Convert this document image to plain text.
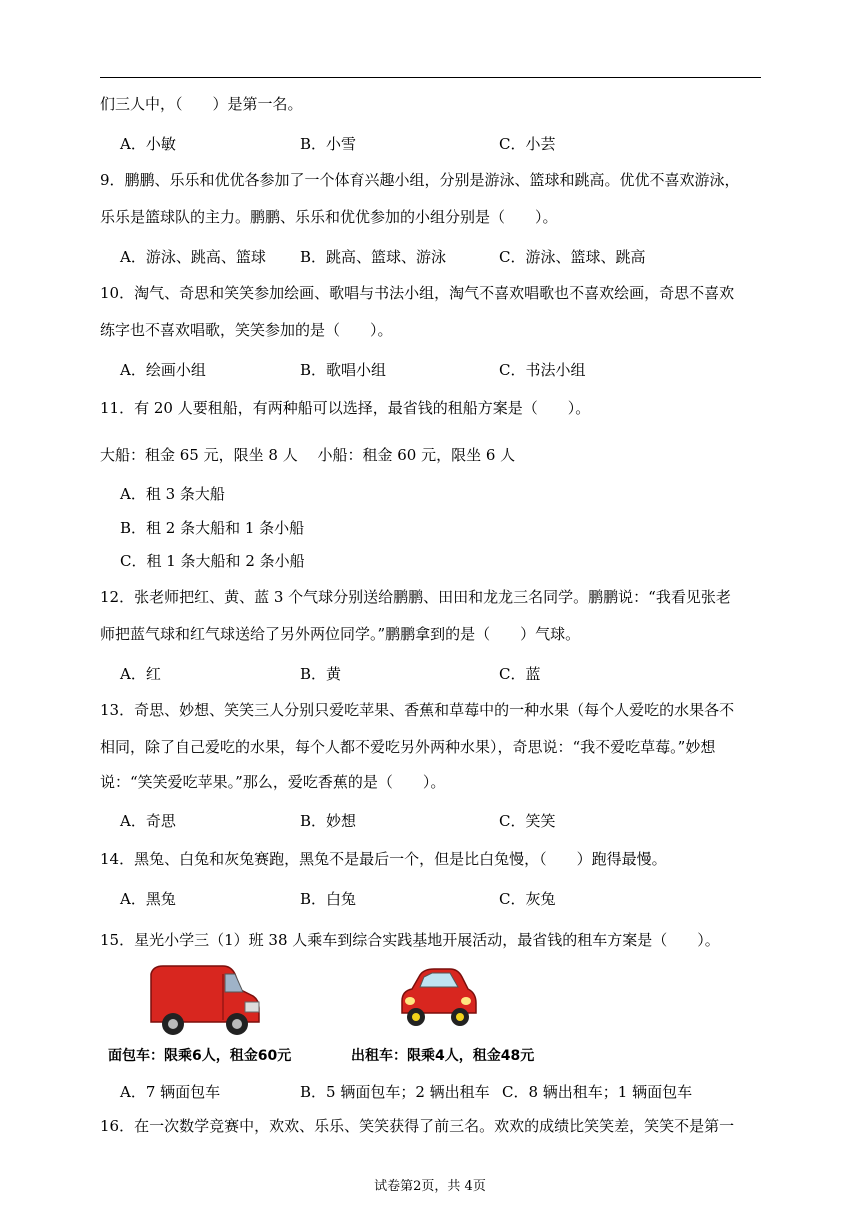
们三人中，（　　）是第一名。
A．小敏	B．小雪	C．小芸
9．鹏鹏、乐乐和优优各参加了一个体育兴趣小组，分别是游泳、篮球和跳高。优优不喜欢游泳，
乐乐是篮球队的主力。鹏鹏、乐乐和优优参加的小组分别是（　　）。
A．游泳、跳高、篮球 B．跳高、篮球、游泳	C．游泳、篮球、跳高
10．淘气、奇思和笑笑参加绘画、歌唱与书法小组，淘气不喜欢唱歌也不喜欢绘画，奇思不喜欢
练字也不喜欢唱歌，笑笑参加的是（　　）。
A．绘画小组	B．歌唱小组	C．书法小组
11．有 20 人要租船，有两种船可以选择，最省钱的租船方案是（　　）。
大船：租金 65 元，限坐 8 人　 小船：租金 60 元，限坐 6 人
A．租 3 条大船
B．租 2 条大船和 1 条小船
C．租 1 条大船和 2 条小船
12．张老师把红、黄、蓝 3 个气球分别送给鹏鹏、田田和龙龙三名同学。鹏鹏说：“我看见张老
师把蓝气球和红气球送给了另外两位同学。”鹏鹏拿到的是（　　）气球。
A．红	B．黄	C．蓝
13．奇思、妙想、笑笑三人分别只爱吃苹果、香蕉和草莓中的一种水果（每个人爱吃的水果各不
相同，除了自己爱吃的水果，每个人都不爱吃另外两种水果），奇思说：“我不爱吃草莓。”妙想
说：“笑笑爱吃苹果。”那么，爱吃香蕉的是（　　）。
A．奇思	B．妙想	C．笑笑
14．黑兔、白兔和灰兔赛跑，黑兔不是最后一个，但是比白兔慢，（　　）跑得最慢。
A．黑兔	B．白兔	C．灰兔
15．星光小学三（1）班 38 人乘车到综合实践基地开展活动，最省钱的租车方案是（　　）。
面包车：限乘6人，租金60元	出租车：限乘4人，租金48元
A．7 辆面包车	B．5 辆面包车；2 辆出租车 C．8 辆出租车；1 辆面包车
16．在一次数学竞赛中，欢欢、乐乐、笑笑获得了前三名。欢欢的成绩比笑笑差，笑笑不是第一
试卷第2页，共 4页
